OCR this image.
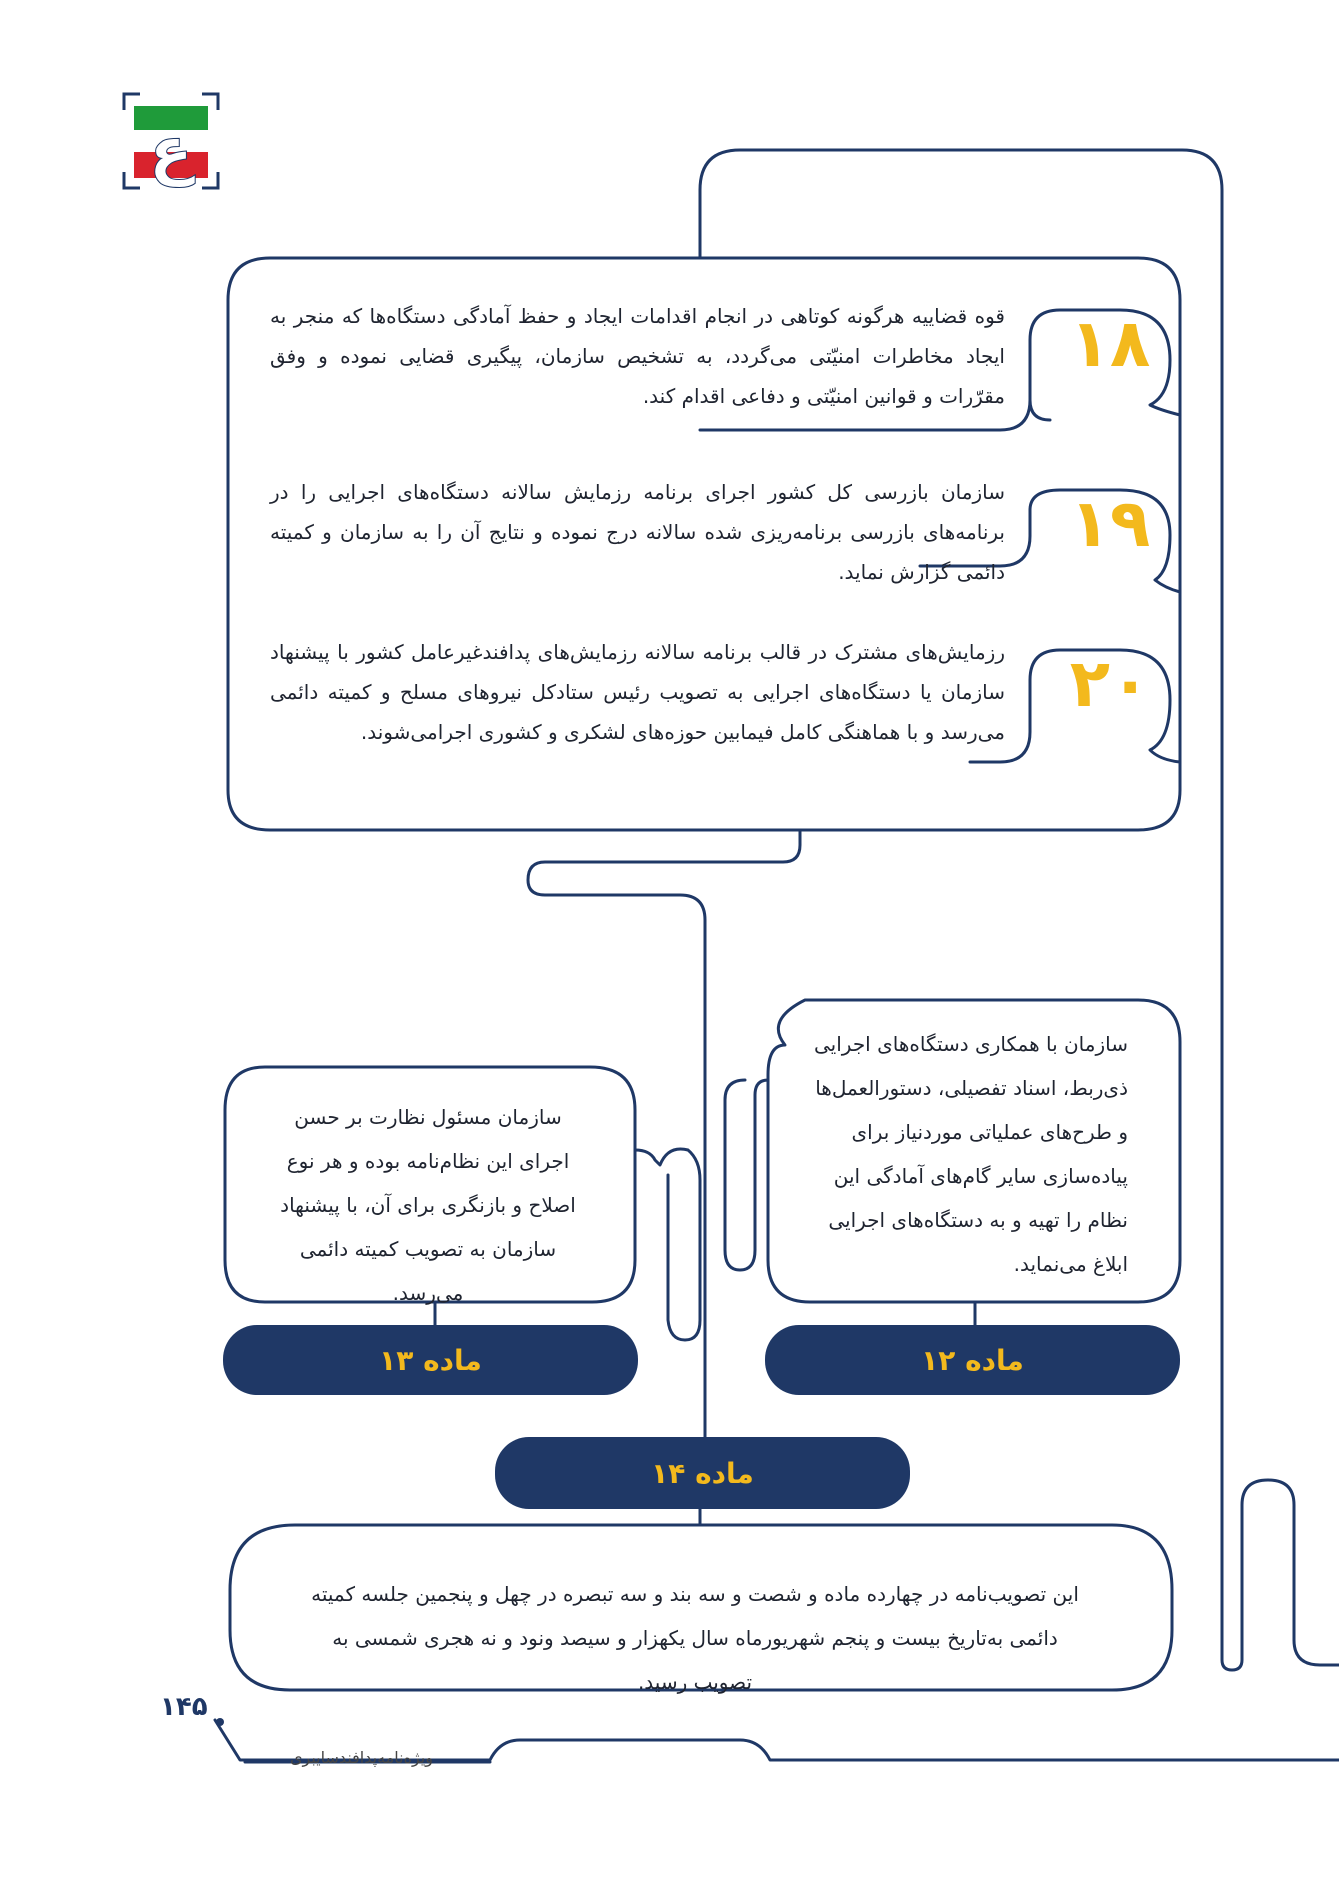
ع
۱۸
قوه قضاییه هرگونه کوتاهی در انجام اقدامات ایجاد و حفظ آمادگی دستگاه‌ها که منجر به ایجاد مخاطرات امنیّتی می‌گردد، به تشخیص سازمان، پیگیری قضایی نموده و وفق مقرّرات و قوانین امنیّتی و دفاعی اقدام کند.
۱۹
سازمان بازرسی کل کشور اجرای برنامه رزمایش سالانه دستگاه‌های اجرایی را در برنامه‌های بازرسی برنامه‌ریزی شده سالانه درج نموده و نتایج آن را به سازمان و کمیته دائمی گزارش نماید.
۲۰
رزمایش‌های مشترک در قالب برنامه سالانه رزمایش‌های پدافندغیرعامل کشور با پیشنهاد سازمان یا دستگاه‌های اجرایی به تصویب رئیس ستادکل نیروهای مسلح و کمیته دائمی می‌رسد و با هماهنگی کامل فیمابین حوزه‌های لشکری و کشوری اجرامی‌شوند.
سازمان با همکاری دستگاه‌های اجرایی ذی‌ربط، اسناد تفصیلی، دستورالعمل‌ها و طرح‌های عملیاتی موردنیاز برای پیاده‌سازی سایر گام‌های آمادگی این نظام را تهیه و به دستگاه‌های اجرایی ابلاغ می‌نماید.
ماده ۱۲
سازمان مسئول نظارت بر حسن اجرای این نظام‌نامه بوده و هر نوع اصلاح و بازنگری برای آن، با پیشنهاد سازمان به تصویب کمیته دائمی می‌رسد.
ماده ۱۳
ماده ۱۴
این تصویب‌نامه در چهارده ماده و شصت و سه بند و سه تبصره در چهل و پنجمین جلسه کمیته دائمی به‌تاریخ بیست و پنجم شهریورماه سال یکهزار و سیصد ونود و نه هجری شمسی به تصویب رسید.
۱۴۵
ویژه‌نامه‌پدافندسایبری
